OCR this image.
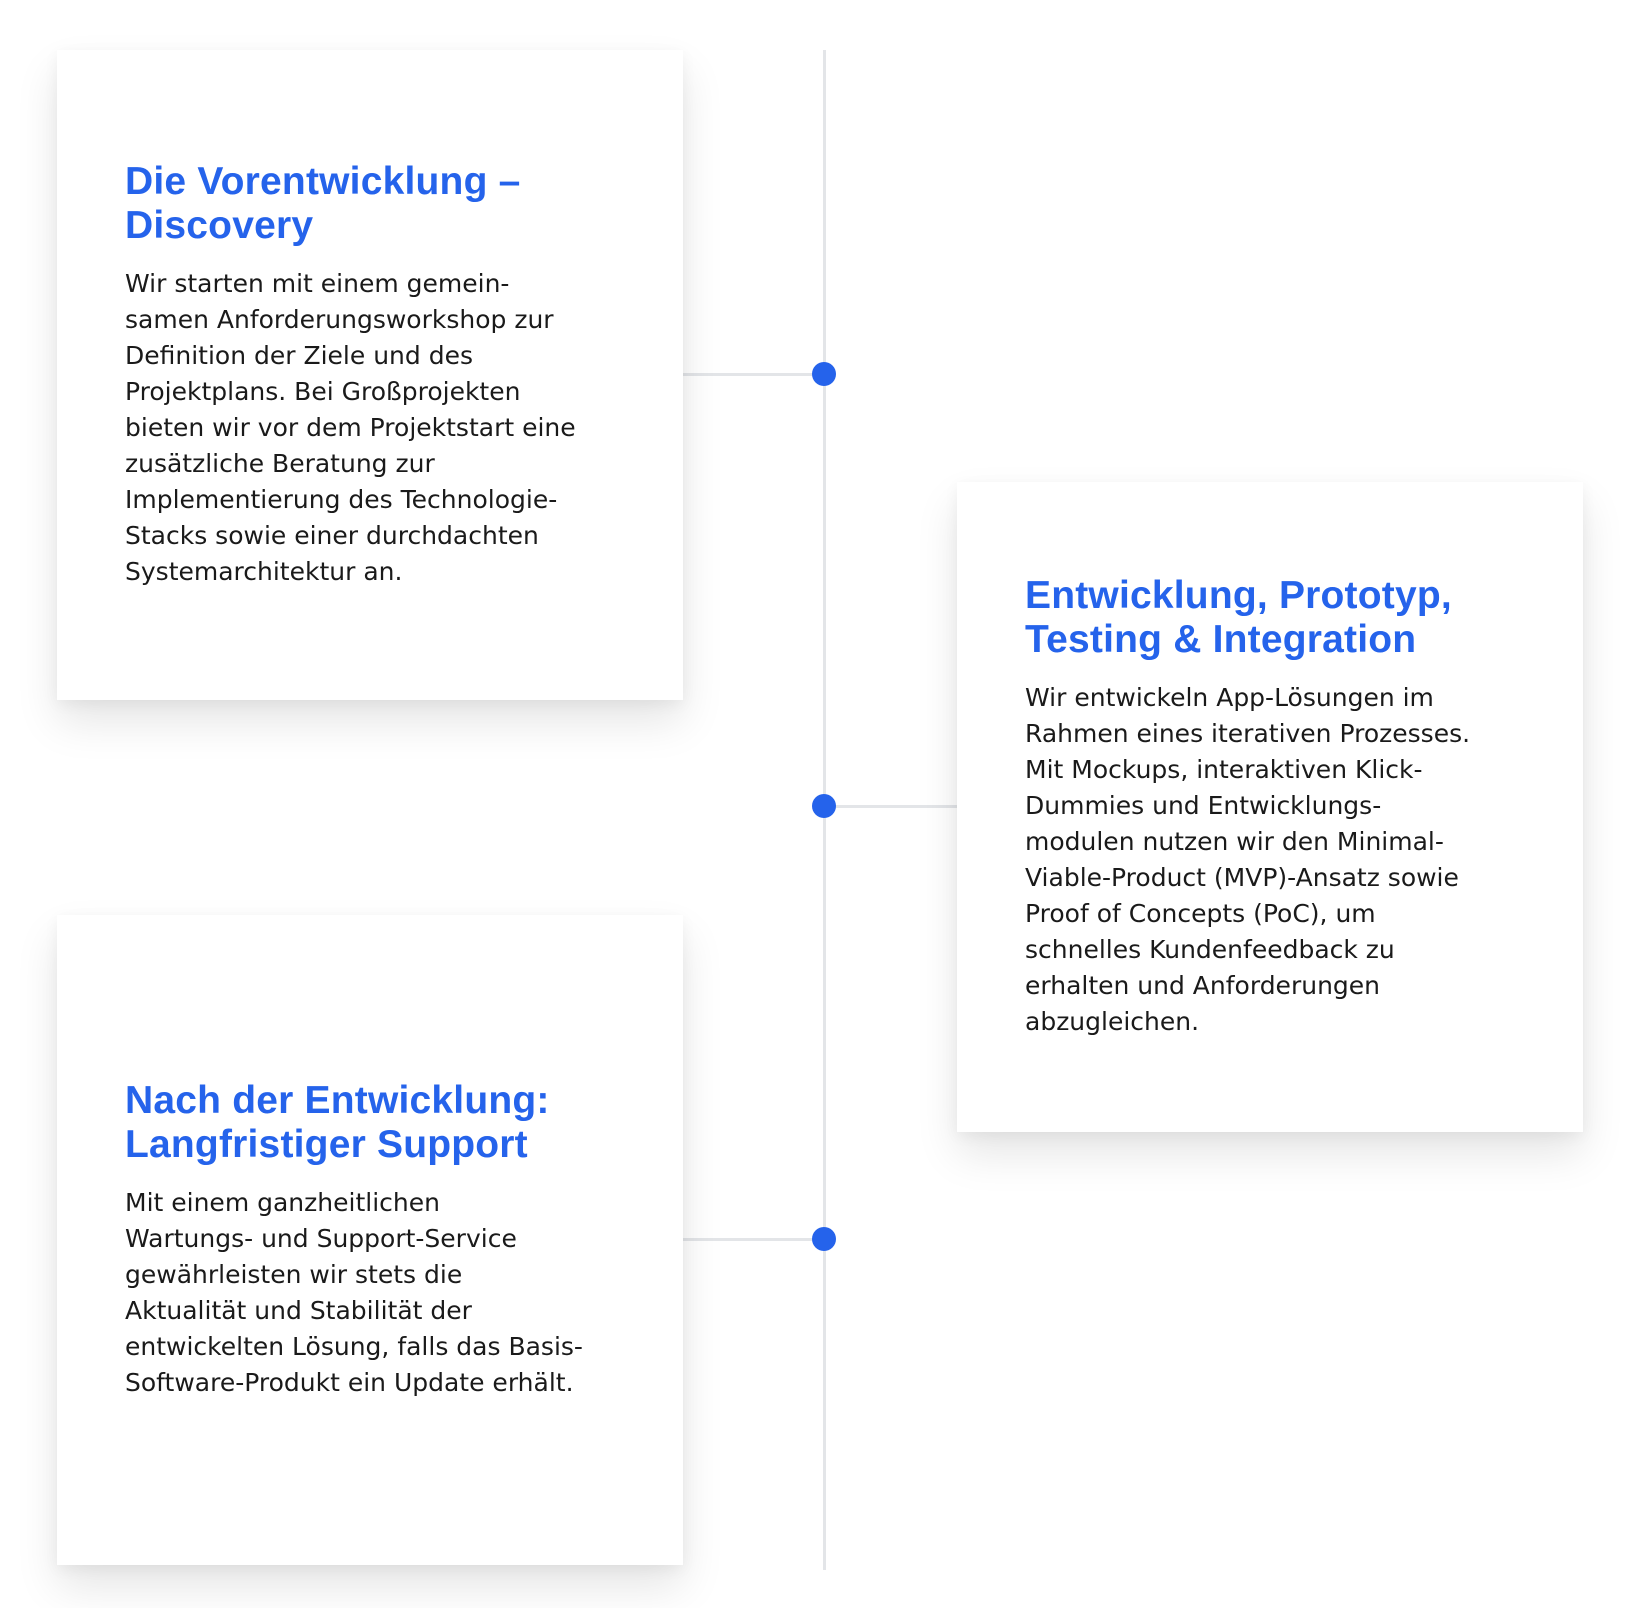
Die Vorentwicklung –
Discovery

Wir starten mit einem gemein-
samen Anforderungsworkshop zur
Definition der Ziele und des
Projektplans. Bei Großprojekten
bieten wir vor dem Projektstart eine
zusätzliche Beratung zur
Implementierung des Technologie-
Stacks sowie einer durchdachten
Systemarchitektur an.

Entwicklung, Prototyp,
Testing & Integration

Wir entwickeln App-Lösungen im
Rahmen eines iterativen Prozesses.
Mit Mockups, interaktiven Klick-
Dummies und Entwicklungs-
modulen nutzen wir den Minimal-
Viable-Product (MVP)-Ansatz sowie
Proof of Concepts (PoC), um
schnelles Kundenfeedback zu
erhalten und Anforderungen
abzugleichen.

Nach der Entwicklung:
Langfristiger Support

Mit einem ganzheitlichen
Wartungs- und Support-Service
gewährleisten wir stets die
Aktualität und Stabilität der
entwickelten Lösung, falls das Basis-
Software-Produkt ein Update erhält.
